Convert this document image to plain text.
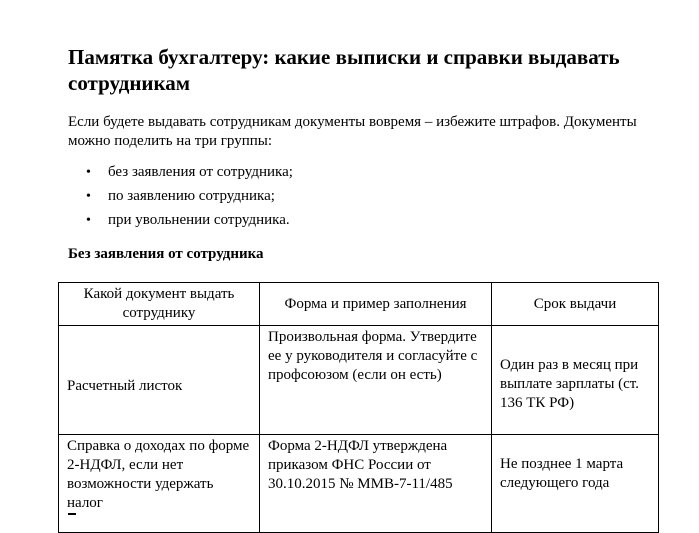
Памятка бухгалтеру: какие выписки и справки выдавать сотрудникам

Если будете выдавать сотрудникам документы вовремя – избежите штрафов. Документы можно поделить на три группы:

• без заявления от сотрудника;
• по заявлению сотрудника;
• при увольнении сотрудника.
Без заявления от сотрудника
Какой документ выдать сотруднику	Форма и пример заполнения	Срок выдачи
Расчетный листок	Произвольная форма. Утвердите ее у руководителя и согласуйте с профсоюзом (если он есть)	Один раз в месяц при выплате зарплаты (ст. 136 ТК РФ)
Справка о доходах по форме 2-НДФЛ, если нет возможности удержать налог	Форма 2-НДФЛ утверждена приказом ФНС России от 30.10.2015 № ММВ-7-11/485	Не позднее 1 марта следующего года
